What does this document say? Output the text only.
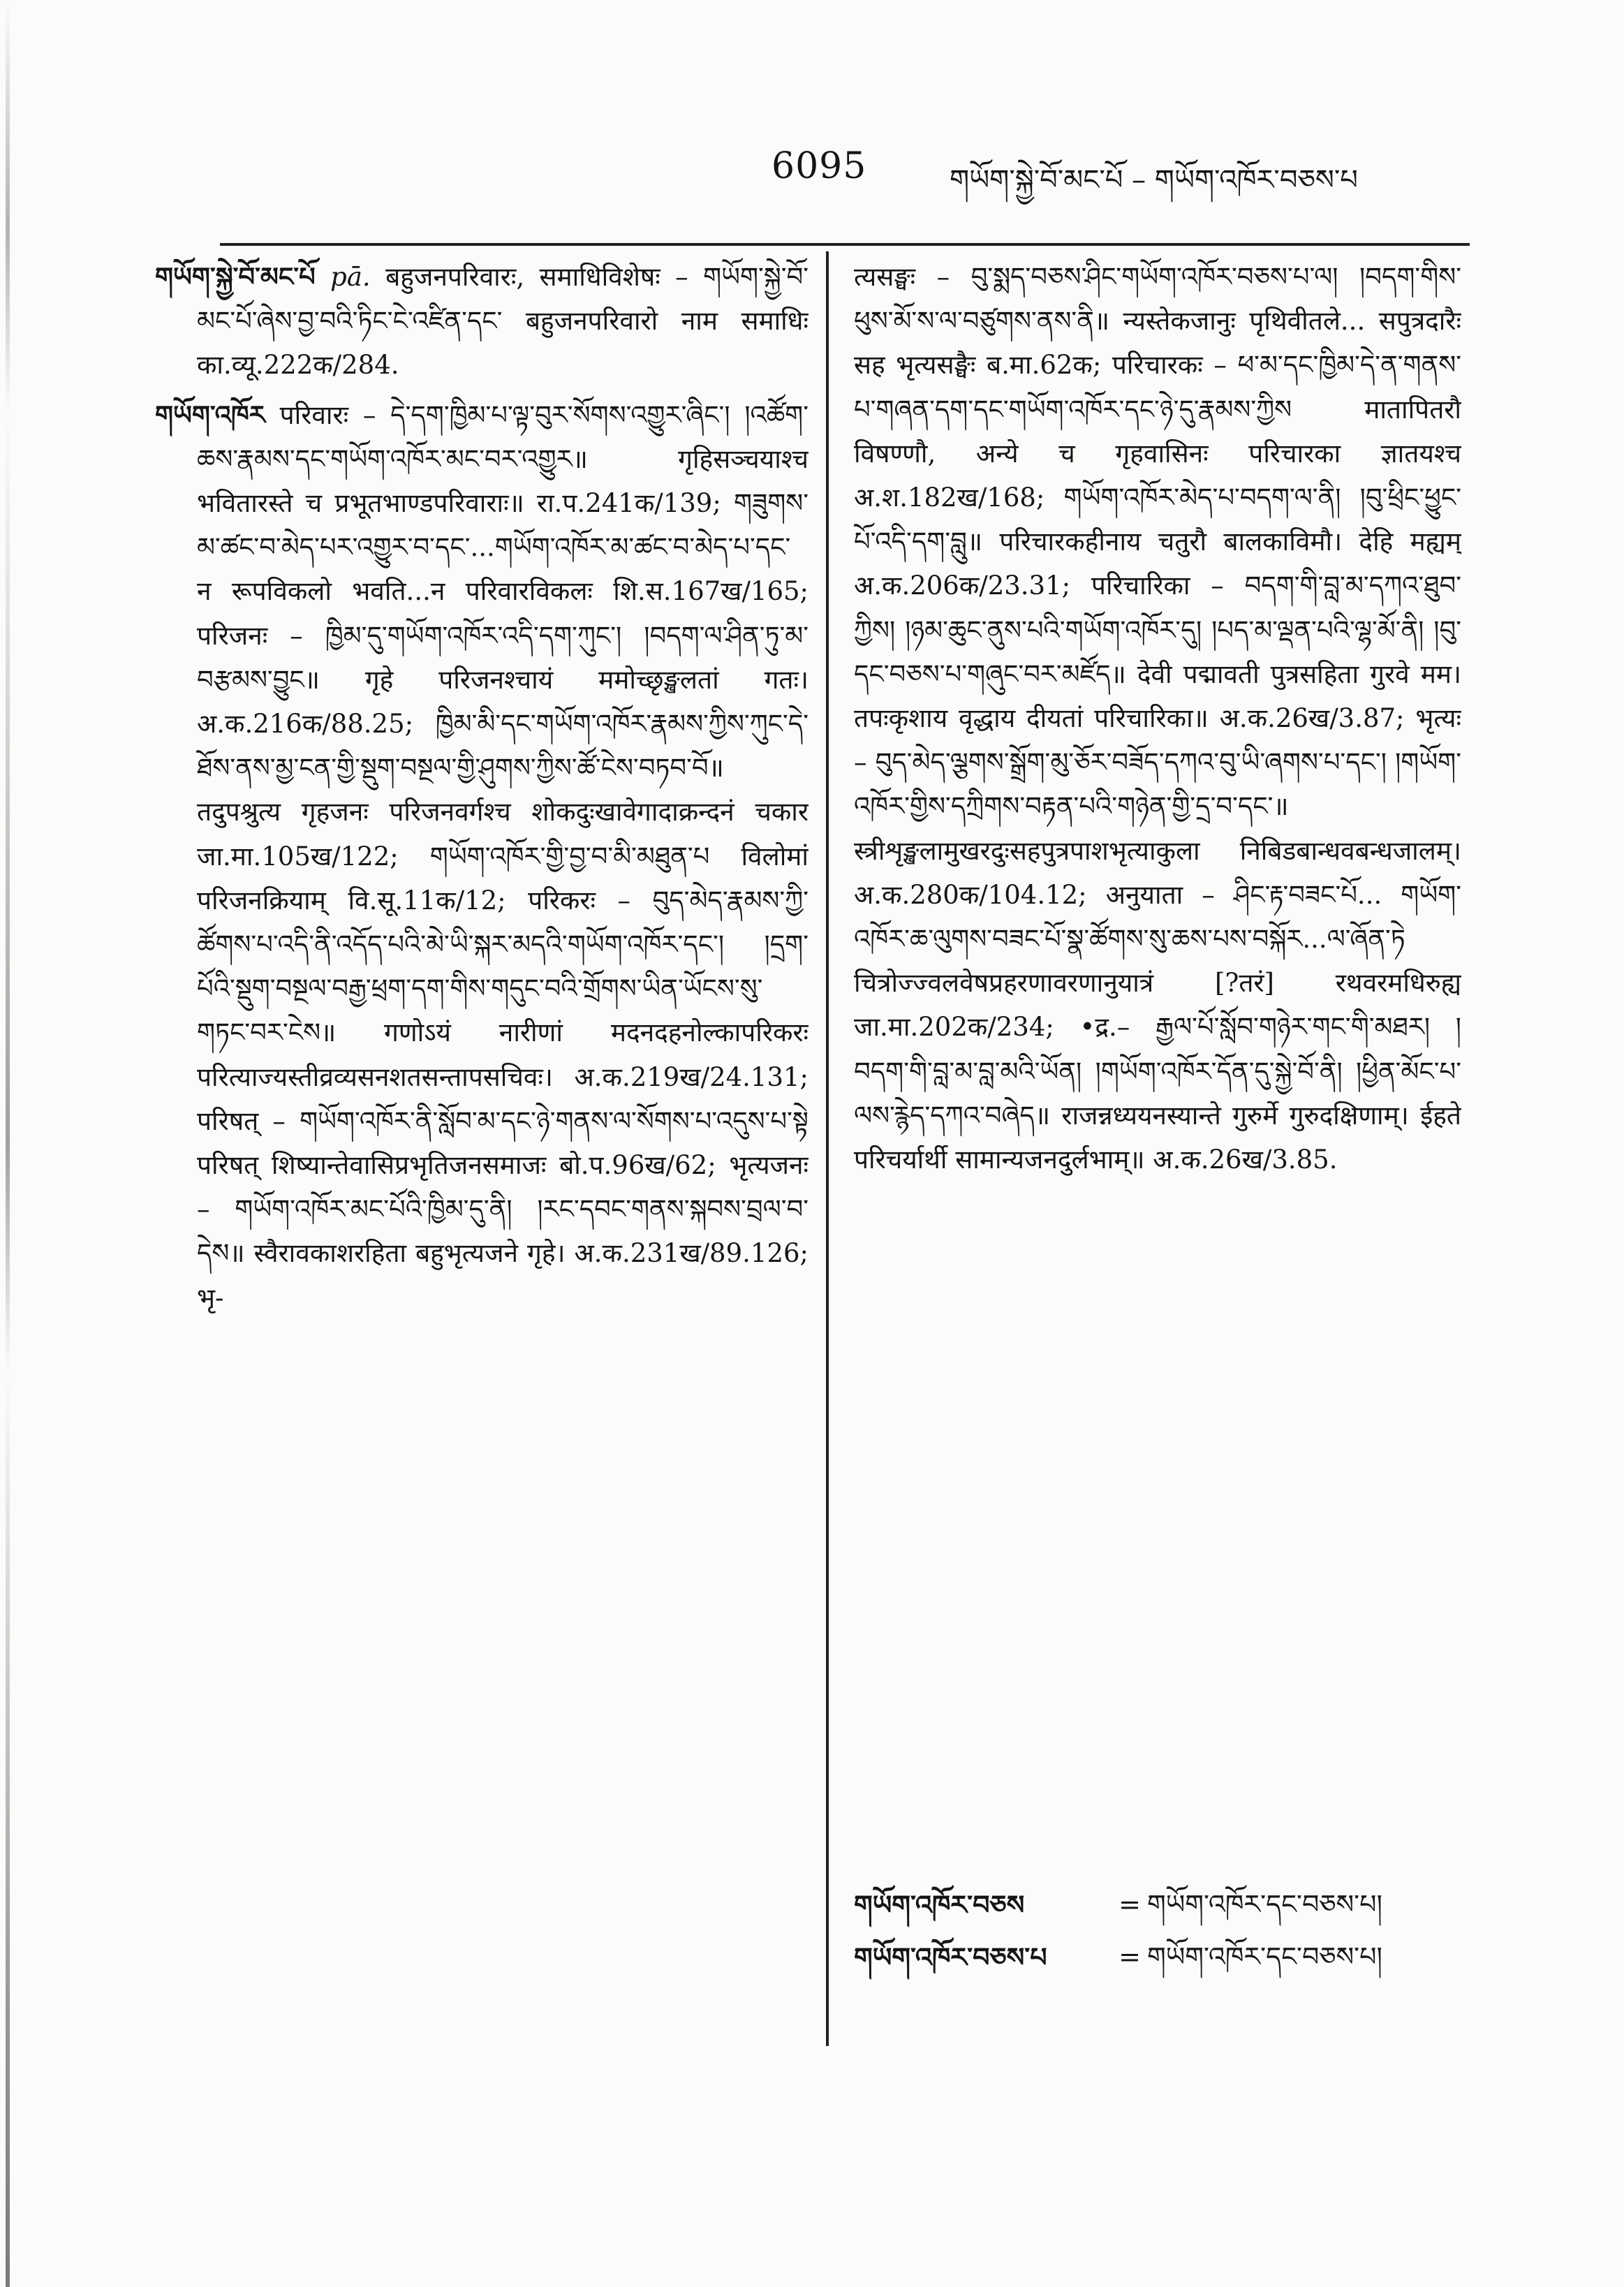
6095	གཡོག་སྐྱེ་བོ་མང་པོ – གཡོག་འཁོར་བཅས་པ

གཡོག་སྐྱེ་བོ་མང་པོ pā. बहुजनपरिवारः, समाधिविशेषः – གཡོག་སྐྱེ་བོ་མང་པོ་ཞེས་བྱ་བའི་ཏིང་ངེ་འཛིན་དང་ बहुजनपरिवारो नाम समाधिः का.व्यू.222क/284.

གཡོག་འཁོར परिवारः – དེ་དག་ཁྱིམ་པ་ལྟ་བུར་སོགས་འགྱུར་ཞིང་། །འཚོག་ཆས་རྣམས་དང་གཡོག་འཁོར་མང་བར་འགྱུར॥ गृहिसञ्चयाश्च भवितारस्ते च प्रभूतभाण्डपरिवाराः॥ रा.प.241क/139; གཟུགས་མ་ཚང་བ་མེད་པར་འགྱུར་བ་དང་...གཡོག་འཁོར་མ་ཚང་བ་མེད་པ་དང་ न रूपविकलो भवति...न परिवारविकलः शि.स.167ख/165; परिजनः – ཁྱིམ་དུ་གཡོག་འཁོར་འདི་དག་ཀུང་། །བདག་ལ་ཤིན་ཏུ་མ་བརྩམས་བྱུང॥ गृहे परिजनश्चायं ममोच्छृङ्खलतां गतः। अ.क.216क/88.25; ཁྱིམ་མི་དང་གཡོག་འཁོར་རྣམས་ཀྱིས་ཀུང་དེ་ཐོས་ནས་མྱ་ངན་གྱི་སྡུག་བསྔལ་གྱི་ཤུགས་ཀྱིས་ཚོ་ངེས་བཏབ་བོ॥ तदुपश्रुत्य गृहजनः परिजनवर्गश्च शोकदुःखावेगादाक्रन्दनं चकार जा.मा.105ख/122; གཡོག་འཁོར་གྱི་བྱ་བ་མི་མཐུན་པ विलोमां परिजनक्रियाम् वि.सू.11क/12; परिकरः – བུད་མེད་རྣམས་ཀྱི་ཚོགས་པ་འདི་ནི་འདོད་པའི་མེ་ཡི་སྐར་མདའི་གཡོག་འཁོར་དང་། །དྲག་པོའི་སྡུག་བསྔལ་བརྒྱ་ཕྲག་དག་གིས་གདུང་བའི་གྲོགས་ཡིན་ཡོངས་སུ་གཏང་བར་ངེས॥ गणोऽयं नारीणां मदनदहनोल्कापरिकरः परित्याज्यस्तीव्रव्यसनशतसन्तापसचिवः। अ.क.219ख/24.131; परिषत् – གཡོག་འཁོར་ནི་སློབ་མ་དང་ཉེ་གནས་ལ་སོགས་པ་འདུས་པ་སྟེ परिषत् शिष्यान्तेवासिप्रभृतिजनसमाजः बो.प.96ख/62; भृत्यजनः – གཡོག་འཁོར་མང་པོའི་ཁྱིམ་དུ་ནི། །རང་དབང་གནས་སྐབས་བྲལ་བ་དེས॥ स्वैरावकाशरहिता बहुभृत्यजने गृहे। अ.क.231ख/89.126; भृ-

त्यसङ्घः – བུ་སྨད་བཅས་ཤིང་གཡོག་འཁོར་བཅས་པ་ལ། །བདག་གིས་ཕུས་མོ་ས་ལ་བཙུགས་ནས་ནི॥ न्यस्तेकजानुः पृथिवीतले... सपुत्रदारैः सह भृत्यसङ्घैः ब.मा.62क; परिचारकः – ཕ་མ་དང་ཁྱིམ་དེ་ན་གནས་པ་གཞན་དག་དང་གཡོག་འཁོར་དང་ཉེ་དུ་རྣམས་ཀྱིས मातापितरौ विषण्णौ, अन्ये च गृहवासिनः परिचारका ज्ञातयश्च अ.श.182ख/168; གཡོག་འཁོར་མེད་པ་བདག་ལ་ནི། །བུ་ཕྲིང་ཕྱུང་པོ་འདི་དག་བླུ॥ परिचारकहीनाय चतुरौ बालकाविमौ। देहि मह्यम् अ.क.206क/23.31; परिचारिका – བདག་གི་བླ་མ་དཀའ་ཐུབ་ཀྱིས། །ཉམ་ཆུང་ནུས་པའི་གཡོག་འཁོར་དུ། །པད་མ་ལྡན་པའི་ལྷ་མོ་ནི། །བུ་དང་བཅས་པ་གཞུང་བར་མཛོད॥ देवी पद्मावती पुत्रसहिता गुरवे मम। तपःकृशाय वृद्धाय दीयतां परिचारिका॥ अ.क.26ख/3.87; भृत्यः – བུད་མེད་ལྕགས་སྒྲོག་མུ་ཅོར་བཟོད་དཀའ་བུ་ཡི་ཞགས་པ་དང་། །གཡོག་འཁོར་གྱིས་དཀྲིགས་བརྟན་པའི་གཉེན་གྱི་དྲ་བ་དང་॥ स्त्रीशृङ्खलामुखरदुःसहपुत्रपाशभृत्याकुला निबिडबान्धवबन्धजालम्। अ.क.280क/104.12; अनुयाता – ཤིང་རྟ་བཟང་པོ... གཡོག་འཁོར་ཆ་ལུགས་བཟང་པོ་སྣ་ཚོགས་སུ་ཆས་པས་བསྐོར...ལ་ཞོན་ཏེ चित्रोज्ज्वलवेषप्रहरणावरणानुयात्रं [?तरं] रथवरमधिरुह्य जा.मा.202क/234; •द्र.– རྒྱལ་པོ་སློབ་གཉེར་གང་གི་མཐར། །བདག་གི་བླ་མ་བླ་མའི་ཡོན། །གཡོག་འཁོར་དོན་དུ་སྐྱེ་བོ་ནི། །ཕྱིན་མོང་པ་ལས་རྙེད་དཀའ་བཞེད॥ राजन्नध्ययनस्यान्ते गुरुर्मे गुरुदक्षिणाम्। ईहते परिचर्यार्थी सामान्यजनदुर्लभाम्॥ अ.क.26ख/3.85.

གཡོག་འཁོར་བཅས	= གཡོག་འཁོར་དང་བཅས་པ།
གཡོག་འཁོར་བཅས་པ	= གཡོག་འཁོར་དང་བཅས་པ།
